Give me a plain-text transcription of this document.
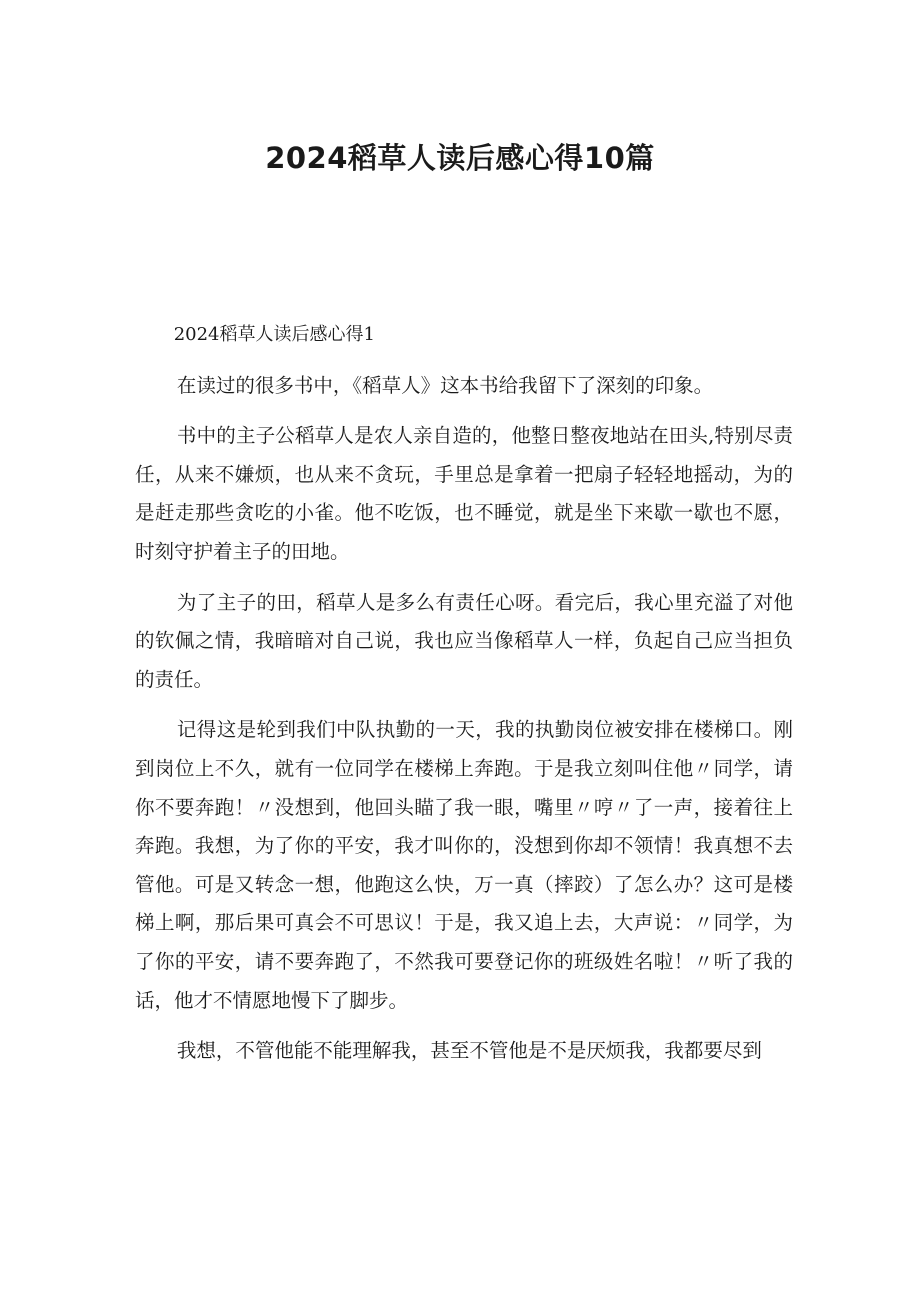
2024稻草人读后感心得10篇

2024稻草人读后感心得1

在读过的很多书中，《稻草人》这本书给我留下了深刻的印象。

书中的主子公稻草人是农人亲自造的，他整日整夜地站在田头,特别尽责任，从来不嫌烦，也从来不贪玩，手里总是拿着一把扇子轻轻地摇动，为的是赶走那些贪吃的小雀。他不吃饭，也不睡觉，就是坐下来歇一歇也不愿，时刻守护着主子的田地。

为了主子的田，稻草人是多么有责任心呀。看完后，我心里充溢了对他的钦佩之情，我暗暗对自己说，我也应当像稻草人一样，负起自己应当担负的责任。

记得这是轮到我们中队执勤的一天，我的执勤岗位被安排在楼梯口。刚到岗位上不久，就有一位同学在楼梯上奔跑。于是我立刻叫住他〃同学，请你不要奔跑！〃没想到，他回头瞄了我一眼，嘴里〃哼〃了一声，接着往上奔跑。我想，为了你的平安，我才叫你的，没想到你却不领情！我真想不去管他。可是又转念一想，他跑这么快，万一真（摔跤）了怎么办？这可是楼梯上啊，那后果可真会不可思议！于是，我又追上去，大声说：〃同学，为了你的平安，请不要奔跑了，不然我可要登记你的班级姓名啦！〃听了我的话，他才不情愿地慢下了脚步。

我想，不管他能不能理解我，甚至不管他是不是厌烦我，我都要尽到
